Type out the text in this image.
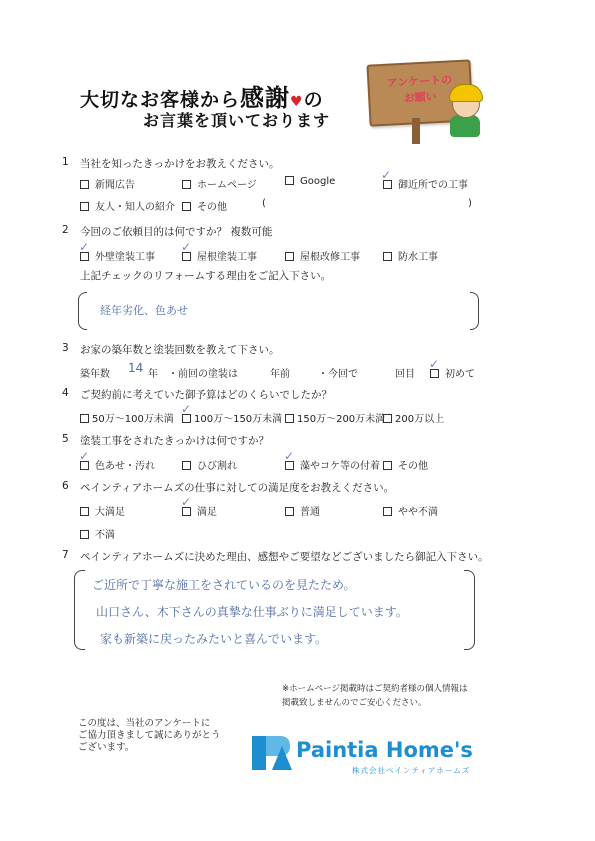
大切なお客様から感謝♥の
お言葉を頂いております
アンケートの
お願い
1 当社を知ったきっかけをお教えください。
新聞広告	ホームページ	Google	御近所での工事
✓
友人・知人の紹介	その他	(	)
2 今回のご依頼目的は何ですか？ 複数可能
外壁塗装工事
✓
屋根塗装工事
✓
屋根改修工事	防水工事
上記チェックのリフォームする理由をご記入下さい。
経年劣化、色あせ
3 お家の築年数と塗装回数を教えて下さい。
築年数 14 年 ・前回の塗装は	年前	・今回で	回目	初めて
✓
4 ご契約前に考えていた御予算はどのくらいでしたか？
50万〜100万未満	100万〜150万未満
✓
150万〜200万未満 200万以上
5 塗装工事をされたきっかけは何ですか？
色あせ・汚れ
✓
ひび割れ	藻やコケ等の付着
✓
その他
6 ペインティアホームズの仕事に対しての満足度をお教えください。
大満足	満足
✓
普通	やや不満
不満
7 ペインティアホームズに決めた理由、感想やご要望などございましたら御記入下さい。
ご近所で丁寧な施工をされているのを見たため。
山口さん、木下さんの真摯な仕事ぶりに満足しています。
家も新築に戻ったみたいと喜んでいます。
※ホームページ掲載時はご契約者様の個人情報は
掲載致しませんのでご安心ください。
この度は、当社のアンケートに
ご協力頂きまして誠にありがとう
ございます。	Paintia Home's
株式会社ペインティアホームズ
